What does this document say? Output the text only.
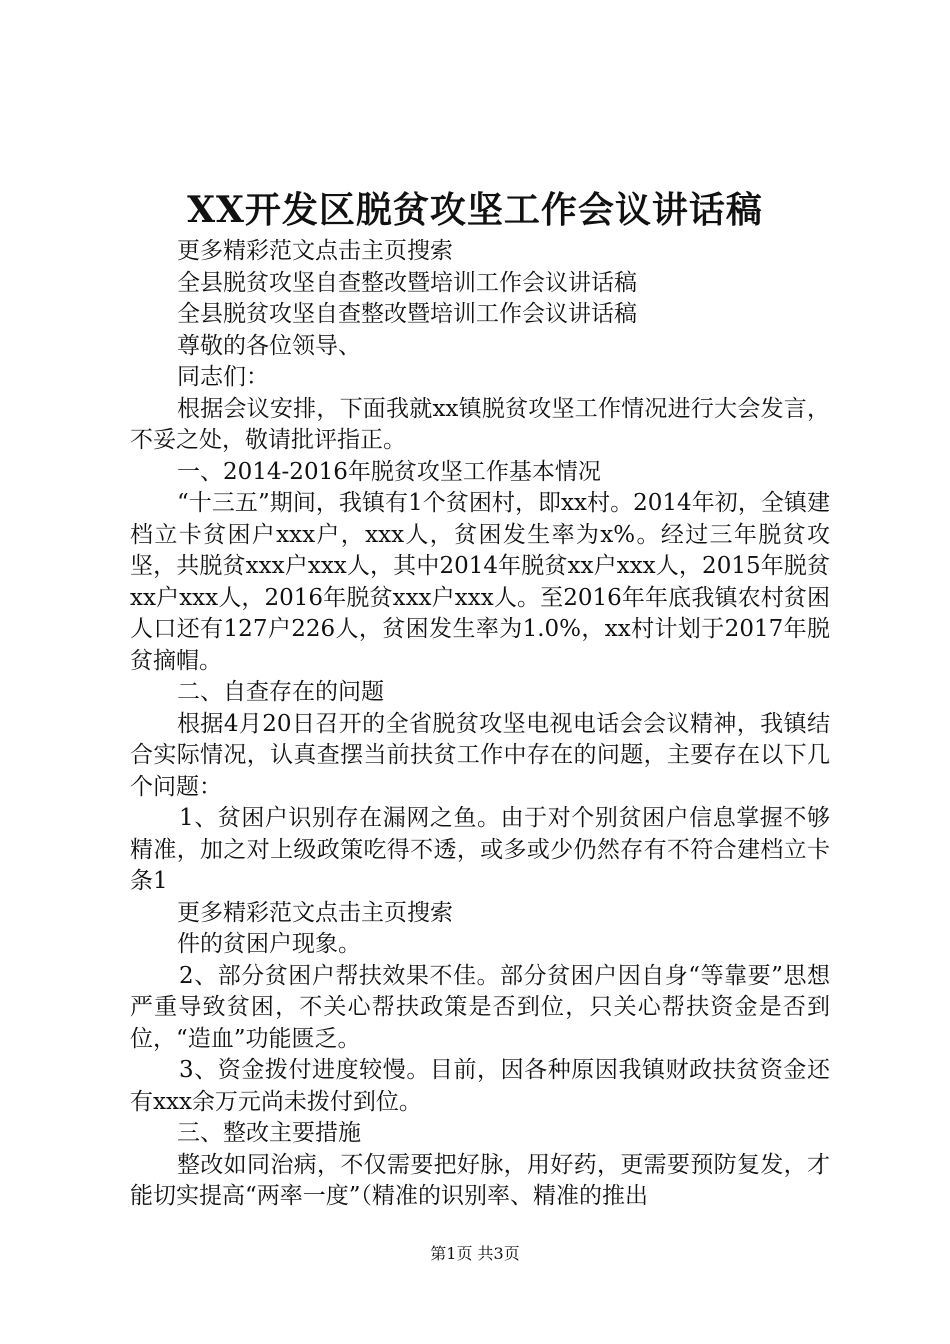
XX开发区脱贫攻坚工作会议讲话稿

更多精彩范文点击主页搜索

全县脱贫攻坚自查整改暨培训工作会议讲话稿

全县脱贫攻坚自查整改暨培训工作会议讲话稿

尊敬的各位领导、

同志们：

根据会议安排，下面我就xx镇脱贫攻坚工作情况进行大会发言，不妥之处，敬请批评指正。

一、2014-2016年脱贫攻坚工作基本情况

“十三五”期间，我镇有1个贫困村，即xx村。2014年初，全镇建档立卡贫困户xxx户，xxx人，贫困发生率为x%。经过三年脱贫攻坚，共脱贫xxx户xxx人，其中2014年脱贫xx户xxx人，2015年脱贫xx户xxx人，2016年脱贫xxx户xxx人。至2016年年底我镇农村贫困人口还有127户226人，贫困发生率为1.0%，xx村计划于2017年脱贫摘帽。

二、自查存在的问题

根据4月20日召开的全省脱贫攻坚电视电话会会议精神，我镇结合实际情况，认真查摆当前扶贫工作中存在的问题，主要存在以下几个问题：

1、贫困户识别存在漏网之鱼。由于对个别贫困户信息掌握不够精准，加之对上级政策吃得不透，或多或少仍然存有不符合建档立卡条1

更多精彩范文点击主页搜索

件的贫困户现象。

2、部分贫困户帮扶效果不佳。部分贫困户因自身“等靠要”思想严重导致贫困，不关心帮扶政策是否到位，只关心帮扶资金是否到位，“造血”功能匮乏。

3、资金拨付进度较慢。目前，因各种原因我镇财政扶贫资金还有xxx余万元尚未拨付到位。

三、整改主要措施

整改如同治病，不仅需要把好脉，用好药，更需要预防复发，才能切实提高“两率一度”（精准的识别率、精准的推出

第1页 共3页
